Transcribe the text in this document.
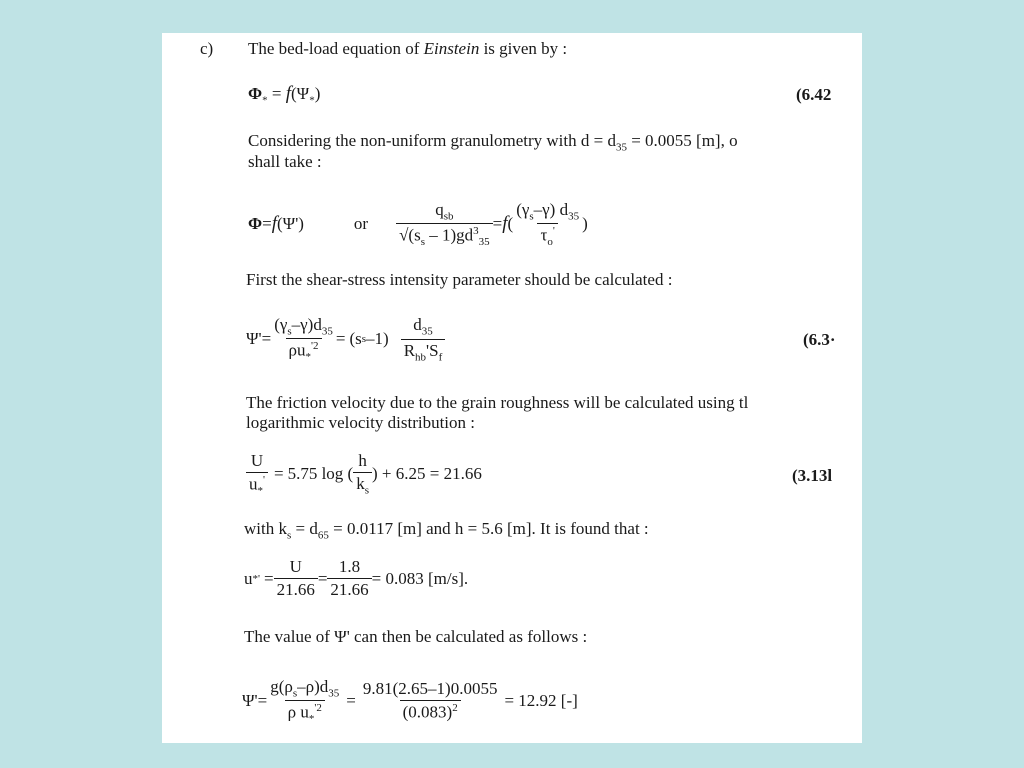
c) The bed-load equation of Einstein is given by :
$\Phi_* = f(\Psi_*)$	(6.42
Considering the non-uniform granulometry with $d = d_{35} = 0.0055$ [m], o
shall take :
Φ = f (Ψ')	or $\frac{q_{sb}}{√(s_s - 1)gd^3_{35}} = f$ ( $\frac{(\gamma_s-\gamma) d_{35}}{\tau_o'}$ )
First the shear-stress intensity parameter should be calculated :
$\Psi' = \frac{(\gamma_s-\gamma)d_{35}}{\rho u_*^{'2}} = (s$ s $-1) \frac{d_{35}}{R_{hb}'S_f}$	(6.3·
The friction velocity due to the grain roughness will be calculated using tl
logarithmic velocity distribution :
$\frac{U}{u_*'} = 5.75$ log ( $\frac{h}{k_s}$ ) + 6.25 = 21.66	(3.13l
with $k_s = d_{65} = 0.0117$ [m] and h = 5.6 [m]. It is found that :
u * ' = $\frac{U}{21.66} = \frac{1.8}{21.66} = 0.083$ [m/s].
The value of Ψ' can then be calculated as follows :
$\Psi' = \frac{g(\rho_s-\rho)d_{35}}{\rho u_*^{'2}} = \frac{9.81(2.65-1)0.0055}{(0.083)^2} = 12.92$ [-]
